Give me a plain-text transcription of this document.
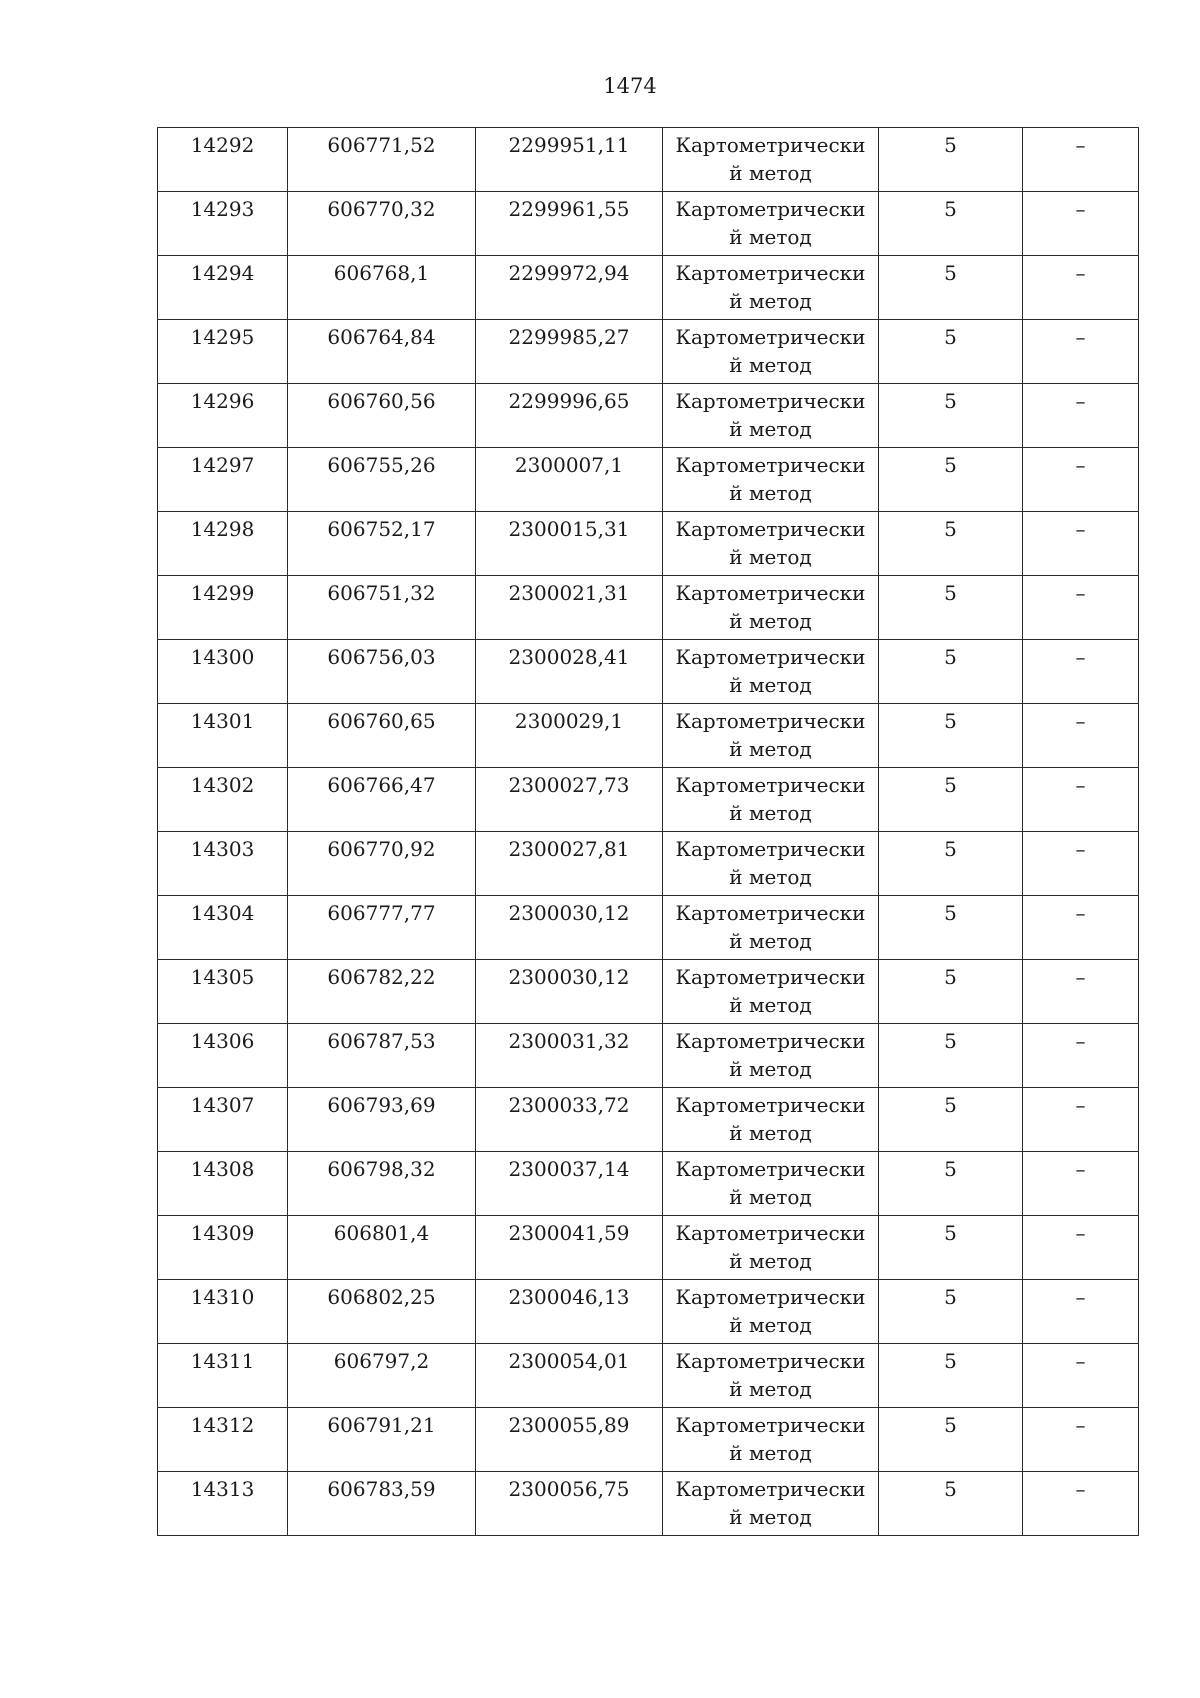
1474
14292	606771,52	2299951,11	Картометрический метод	5	–
14293	606770,32	2299961,55	Картометрический метод	5	–
14294	606768,1	2299972,94	Картометрический метод	5	–
14295	606764,84	2299985,27	Картометрический метод	5	–
14296	606760,56	2299996,65	Картометрический метод	5	–
14297	606755,26	2300007,1	Картометрический метод	5	–
14298	606752,17	2300015,31	Картометрический метод	5	–
14299	606751,32	2300021,31	Картометрический метод	5	–
14300	606756,03	2300028,41	Картометрический метод	5	–
14301	606760,65	2300029,1	Картометрический метод	5	–
14302	606766,47	2300027,73	Картометрический метод	5	–
14303	606770,92	2300027,81	Картометрический метод	5	–
14304	606777,77	2300030,12	Картометрический метод	5	–
14305	606782,22	2300030,12	Картометрический метод	5	–
14306	606787,53	2300031,32	Картометрический метод	5	–
14307	606793,69	2300033,72	Картометрический метод	5	–
14308	606798,32	2300037,14	Картометрический метод	5	–
14309	606801,4	2300041,59	Картометрический метод	5	–
14310	606802,25	2300046,13	Картометрический метод	5	–
14311	606797,2	2300054,01	Картометрический метод	5	–
14312	606791,21	2300055,89	Картометрический метод	5	–
14313	606783,59	2300056,75	Картометрический метод	5	–
